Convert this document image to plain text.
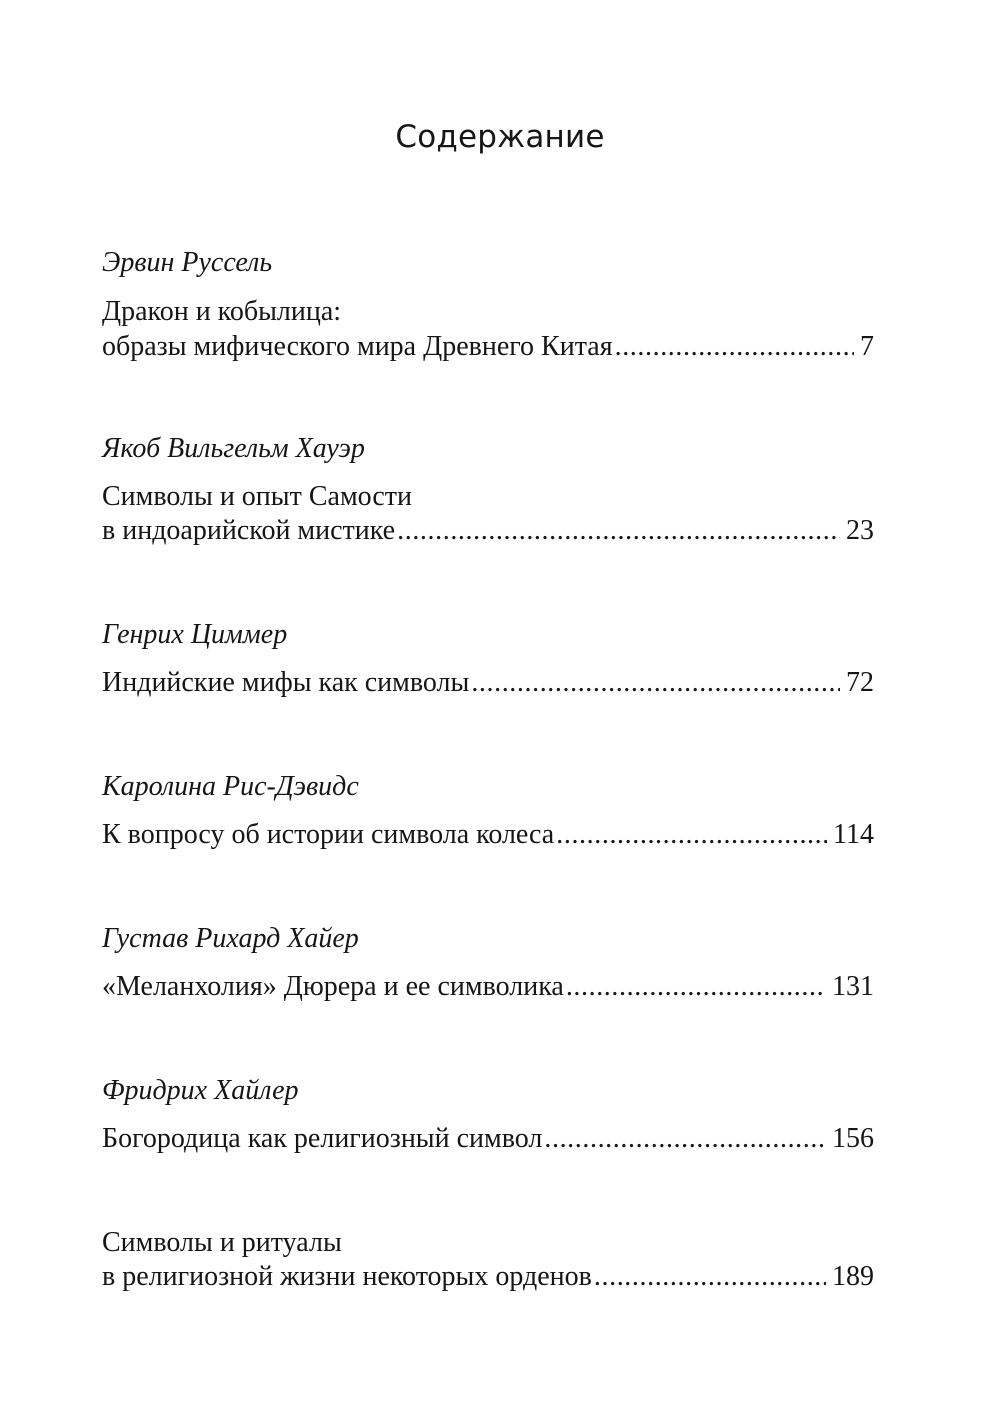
Содержание
Эрвин Руссель
Дракон и кобылица:
образы мифического мира Древнего Китая .....	7
Якоб Вильгельм Хауэр
Символы и опыт Самости
в индоарийской мистике .....	23
Генрих Циммер
Индийские мифы как символы .....	72
Каролина Рис-Дэвидс
К вопросу об истории символа колеса .....	114
Густав Рихард Хайер
«Меланхолия» Дюрера и ее символика .....	131
Фридрих Хайлер
Богородица как религиозный символ .....	156
Символы и ритуалы
в религиозной жизни некоторых орденов .....	189
